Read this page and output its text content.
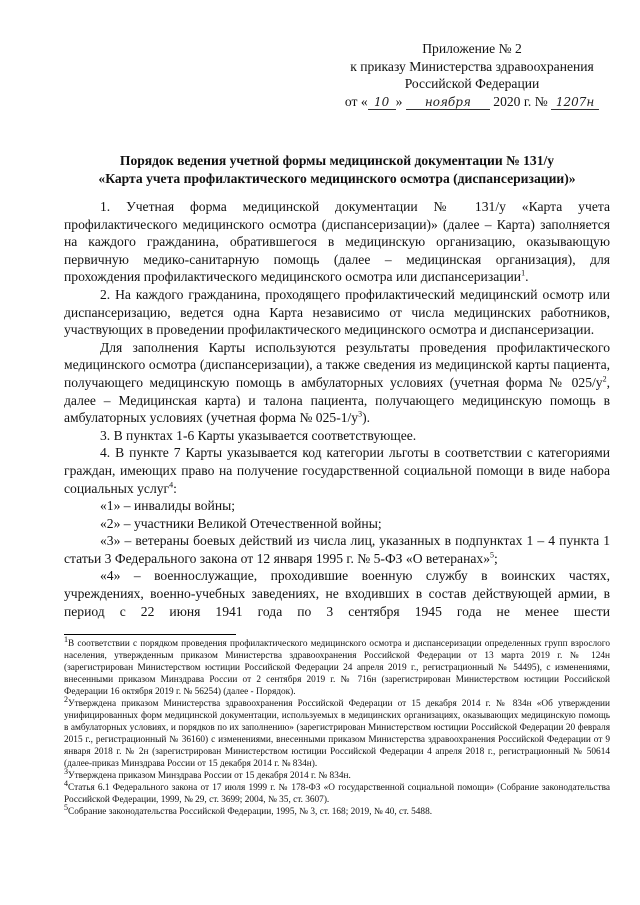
Приложение № 2
к приказу Министерства здравоохранения
Российской Федерации
от « 10 »
	ноября
	2020 г. №
1207н
Порядок ведения учетной формы медицинской документации № 131/у
«Карта учета профилактического медицинского осмотра (диспансеризации)»

1. Учетная форма медицинской документации № 131/у «Карта учета профилактического медицинского осмотра (диспансеризации)» (далее – Карта) заполняется на каждого гражданина, обратившегося в медицинскую организацию, оказывающую первичную медико-санитарную помощь (далее – медицинская организация), для прохождения профилактического медицинского осмотра или диспансеризации$^1$.

2. На каждого гражданина, проходящего профилактический медицинский осмотр или диспансеризацию, ведется одна Карта независимо от числа медицинских работников, участвующих в проведении профилактического медицинского осмотра и диспансеризации.

Для заполнения Карты используются результаты проведения профилактического медицинского осмотра (диспансеризации), а также сведения из медицинской карты пациента, получающего медицинскую помощь в амбулаторных условиях (учетная форма № $025/у^2$, далее – Медицинская карта) и талона пациента, получающего медицинскую помощь в амбулаторных условиях (учетная форма № $025-1/у^3$).

3. В пунктах 1-6 Карты указывается соответствующее.

4. В пункте 7 Карты указывается код категории льготы в соответствии с категориями граждан, имеющих право на получение государственной социальной помощи в виде набора социальных услуг$^4$:

«1» – инвалиды войны;

«2» – участники Великой Отечественной войны;

«3» – ветераны боевых действий из числа лиц, указанных в подпунктах 1 – 4 пункта 1 статьи 3 Федерального закона от 12 января 1995 г. № 5-ФЗ «О ветеранах»$^5$;

«4» – военнослужащие, проходившие военную службу в воинских частях, учреждениях, военно-учебных заведениях, не входивших в состав действующей армии, в период с 22 июня 1941 года по 3 сентября 1945 года не менее шести

$^1$В соответствии с порядком проведения профилактического медицинского осмотра и диспансеризации определенных групп взрослого населения, утвержденным приказом Министерства здравоохранения Российской Федерации от 13 марта 2019 г. № 124н (зарегистрирован Министерством юстиции Российской Федерации 24 апреля 2019 г., регистрационный № 54495), с изменениями, внесенными приказом Минздрава России от 2 сентября 2019 г. № 716н (зарегистрирован Министерством юстиции Российской Федерации 16 октября 2019 г. № 56254) (далее - Порядок).

$^2$Утверждена приказом Министерства здравоохранения Российской Федерации от 15 декабря 2014 г. № 834н «Об утверждении унифицированных форм медицинской документации, используемых в медицинских организациях, оказывающих медицинскую помощь в амбулаторных условиях, и порядков по их заполнению» (зарегистрирован Министерством юстиции Российской Федерации 20 февраля 2015 г., регистрационный № 36160) с изменениями, внесенными приказом Министерства здравоохранения Российской Федерации от 9 января 2018 г. № 2н (зарегистрирован Министерством юстиции Российской Федерации 4 апреля 2018 г., регистрационный № 50614 (далее-приказ Минздрава России от 15 декабря 2014 г. № 834н).

$^3$Утверждена приказом Минздрава России от 15 декабря 2014 г. № 834н.

$^4$Статья 6.1 Федерального закона от 17 июля 1999 г. № 178-ФЗ «О государственной социальной помощи» (Собрание законодательства Российской Федерации, 1999, № 29, ст. 3699; 2004, № 35, ст. 3607).

$^5$Собрание законодательства Российской Федерации, 1995, № 3, ст. 168; 2019, № 40, ст. 5488.
